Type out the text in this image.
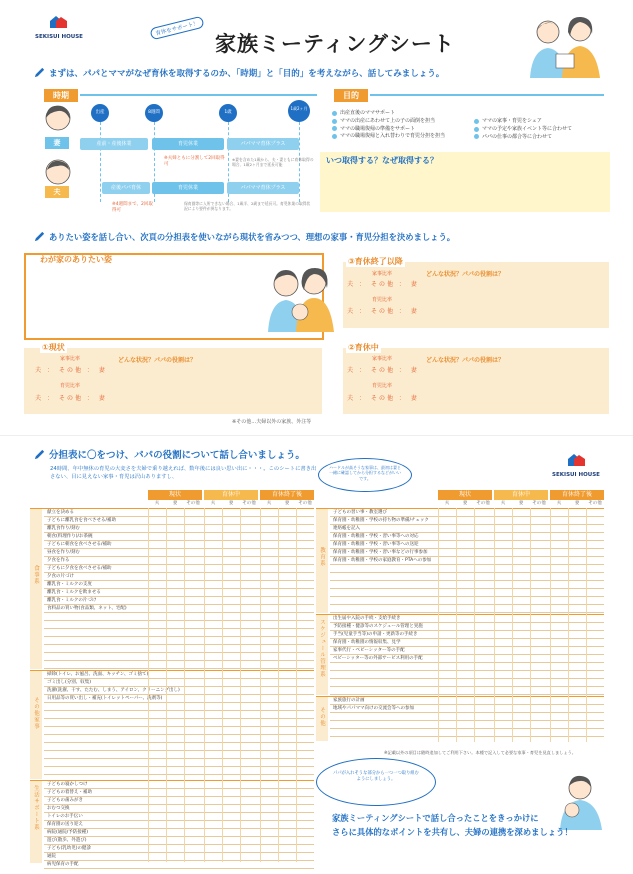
SEKISUI HOUSE	育休をサポート！
家族ミーティングシート
まずは、パパとママがなぜ育休を取得するのか、「時期」と「目的」を考えながら、話してみましょう。
時期
出産	8週間	1歳
1歳2ヶ月
妻	産前・産後休業	育児休業	パパママ育休プラス
※夫婦ともに分割して2回取得可
※妻を含めた1歳から、夫・妻ともに育休取得の場合、1歳2ヶ月まで延長可能
夫	産後パパ育休	育児休業	パパママ育休プラス
※4週間まで、2回取得可
保育園等に入所できない場合、1歳半、2歳まで延長可。育児休業の取得状況により要件が異なります。
目的
出産直後のママサポート
ママの出産にあわせて上の子の面倒を担当
ママの職場復帰の準備をサポート
ママの職場復帰と入れ替わりで育児分担を担当
ママの家事・育児をシェア
ママの予定や家族イベント等に合わせて
パパの仕事の都合等に合わせて
いつ取得する？なぜ取得する？
ありたい姿を話し合い、次頁の分担表を使いながら現状を省みつつ、理想の家事・育児分担を決めましょう。
わが家のありたい姿	③育休終了以降
家事比率
夫 ： その他 ： 妻
育児比率
夫 ： その他 ： 妻
どんな状況？パパの役割は？
①現状
家事比率
夫 ： その他 ： 妻
育児比率
夫 ： その他 ： 妻
どんな状況？パパの役割は？
②育休中
家事比率
夫 ： その他 ： 妻
育児比率
夫 ： その他 ： 妻
どんな状況？パパの役割は？
※その他…夫婦以外の家族、外注等
分担表に〇をつけ、パパの役割について話し合いましょう。
24時間、年中無休の育児の大変さを夫婦で乗り越えれば、数年後には良い思い出に・・・。このシートに書き出さない、目に見えない家事・育児は沢山ありますし、
ハードルが高そうな家事は、最初は妻と一緒に確認してから分担するなどがいいです。
SEKISUI HOUSE
現状	育休中	育休終了後
夫	妻	その他	夫	妻	その他	夫	妻	その他
食事系
献立を決める
子どもに離乳食を食べさせる/補助
離乳食作り/刻む
朝食(料理作り)/お茶碗
子どもに朝食を食べさせる/補助
昼食を作り/刻む
夕食を作る
子どもに夕食を食べさせる/補助
夕食の片づけ
離乳食・ミルクの支度
離乳食・ミルクを飲ませる
離乳食・ミルクの片づけ
食料品の買い物(食品類、ネット、宅配)
その他家事
掃除(トイレ、お風呂、洗面、キッチン、ゴミ捨て)
ゴミ出し(分別、収集)
洗濯(洗濯、干す、たたむ、しまう、アイロン、クリーニング出し)
日用品等の買い出し・補充(トイレットペーパー、洗剤等)
生活サポート系
子どもの寝かしつけ
子どもの着替え・補助
子どもの歯みがき
おむつ交換
トイレのお手伝い
保育園の送り迎え
病院(通院/予防接種)
遊び(散歩、外遊び)
子ども(乳幼児)の健診
通院
病児保育の手配
現状	育休中	育休終了後
夫	妻	その他	夫	妻	その他	夫	妻	その他
教育系
子どもの習い事・教室選び
保育園・幼稚園・学校の持ち物の準備/チェック
連絡帳を記入
保育園・幼稚園・学校・習い事等への対応
保育園・幼稚園・学校・習い事等への送迎
保育園・幼稚園・学校・習い事などの行事参加
保育園・幼稚園・学校の家庭教育・PTAへの参加
スケジュール管理系
出生届や入院の手続・支給手続き
予防接種・健診等のスケジュール管理と実施
手当(児童手当等)の申請・更新等の手続き
保育園・幼稚園の情報収集、見学
家事代行・ベビーシッター等の手配
ベビーシッター等の外部サービス利用の手配
その他
家族旅行の計画
地域やパパママ向けの交流会等への参加
※記載以外の項目は随時追加してご利用下さい。本種で記入して必要な家事・育児を見直しましょう。
パパが入れそうな部分から一つ一つ取り組むようにしましょう。
家族ミーティングシートで話し合ったことをきっかけに
さらに具体的なポイントを共有し、夫婦の連携を深めましょう！
